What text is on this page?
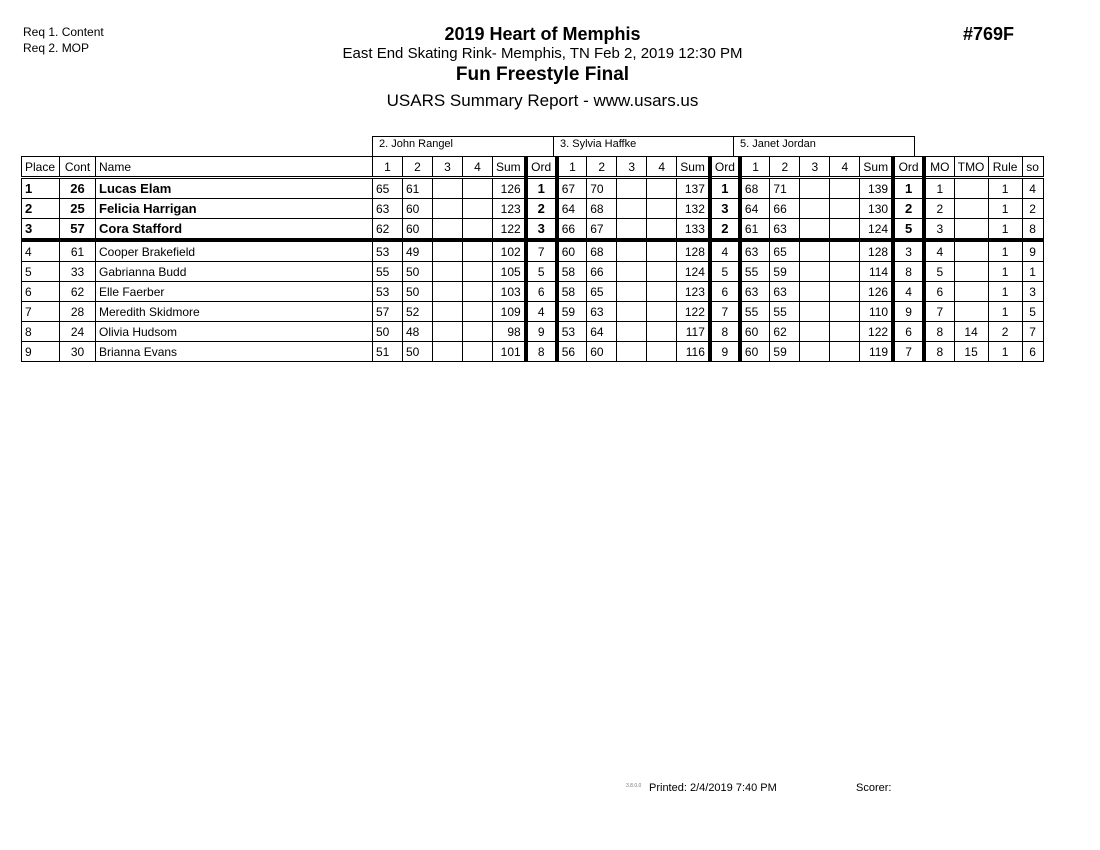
Req 1. Content
Req 2. MOP
2019 Heart of Memphis
East End Skating Rink- Memphis, TN Feb 2, 2019 12:30 PM
Fun Freestyle Final
USARS Summary Report - www.usars.us
#769F
2. John Rangel	3. Sylvia Haffke	5. Janet Jordan
Place	Cont	Name	1	2	3	4	Sum	Ord	1	2	3	4	Sum	Ord	1	2	3	4	Sum	Ord	MO	TMO	Rule	so
1	26	Lucas Elam	65	61			126	1	67	70			137	1	68	71			139	1	1		1	4
2	25	Felicia Harrigan	63	60			123	2	64	68			132	3	64	66			130	2	2		1	2
3	57	Cora Stafford	62	60			122	3	66	67			133	2	61	63			124	5	3		1	8
4	61	Cooper Brakefield	53	49			102	7	60	68			128	4	63	65			128	3	4		1	9
5	33	Gabrianna Budd	55	50			105	5	58	66			124	5	55	59			114	8	5		1	1
6	62	Elle Faerber	53	50			103	6	58	65			123	6	63	63			126	4	6		1	3
7	28	Meredith Skidmore	57	52			109	4	59	63			122	7	55	55			110	9	7		1	5
8	24	Olivia Hudsom	50	48			98	9	53	64			117	8	60	62			122	6	8	14	2	7
9	30	Brianna Evans	51	50			101	8	56	60			116	9	60	59			119	7	8	15	1	6
3.8.0.0 Printed: 2/4/2019 7:40 PM	Scorer:
